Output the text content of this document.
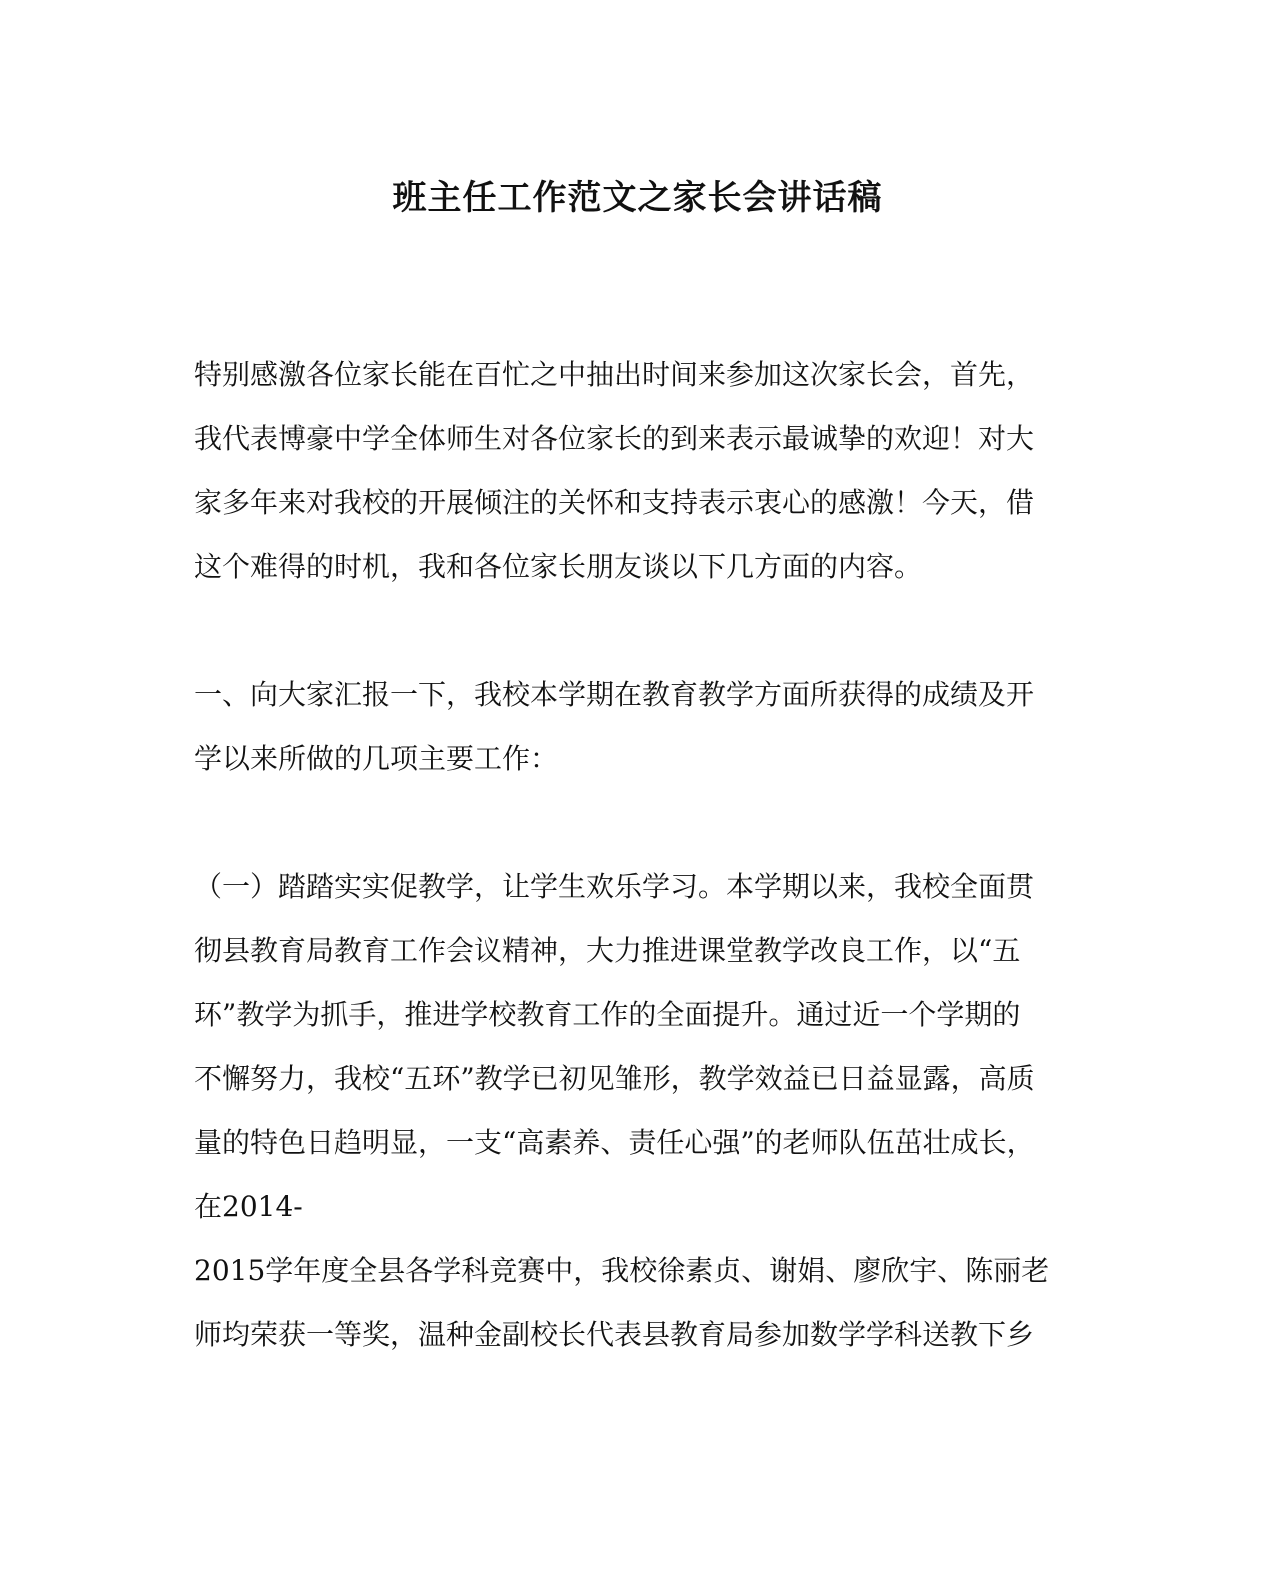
班主任工作范文之家长会讲话稿
特别感激各位家长能在百忙之中抽出时间来参加这次家长会，首先，
我代表博豪中学全体师生对各位家长的到来表示最诚挚的欢迎！对大
家多年来对我校的开展倾注的关怀和支持表示衷心的感激！今天，借
这个难得的时机，我和各位家长朋友谈以下几方面的内容。
一、向大家汇报一下，我校本学期在教育教学方面所获得的成绩及开
学以来所做的几项主要工作：
（一）踏踏实实促教学，让学生欢乐学习。本学期以来，我校全面贯
彻县教育局教育工作会议精神，大力推进课堂教学改良工作，以“五
环”教学为抓手，推进学校教育工作的全面提升。通过近一个学期的
不懈努力，我校“五环”教学已初见雏形，教学效益已日益显露，高质
量的特色日趋明显，一支“高素养、责任心强”的老师队伍茁壮成长，
在2014-
2015学年度全县各学科竞赛中，我校徐素贞、谢娟、廖欣宇、陈丽老
师均荣获一等奖，温种金副校长代表县教育局参加数学学科送教下乡
